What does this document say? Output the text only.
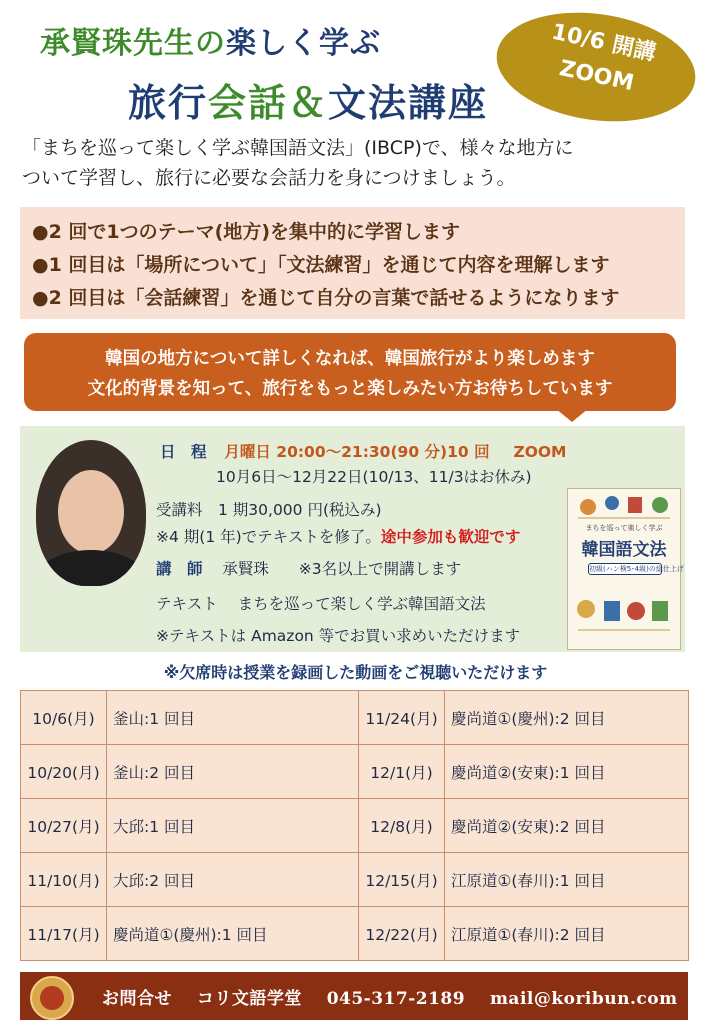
承賢珠先生の楽しく学ぶ
旅行会話＆文法講座
10/6 開講
ZOOM
「まちを巡って楽しく学ぶ韓国語文法」(IBCP)で、様々な地方に
ついて学習し、旅行に必要な会話力を身につけましょう。
●2 回で1つのテーマ(地方)を集中的に学習します
●1 回目は「場所について」「文法練習」を通じて内容を理解します
●2 回目は「会話練習」を通じて自分の言葉で話せるようになります
韓国の地方について詳しくなれば、韓国旅行がより楽しめます
文化的背景を知って、旅行をもっと楽しみたい方お待ちしています
日　程 月曜日 20:00～21:30(90 分)10 回 ZOOM
10月6日～12月22日(10/13、11/3はお休み)
受講料　1 期30,000 円(税込み)
※4 期(1 年)でテキストを修了。途中参加も歓迎です
講　師 承賢珠 ※3名以上で開講します
テキスト まちを巡って楽しく学ぶ韓国語文法
※テキストは Amazon 等でお買い求めいただけます
まちを巡って楽しく学ぶ
韓国語文法
初級(ハン検5･4級)の総仕上げ
※欠席時は授業を録画した動画をご視聴いただけます
10/6(月)	釜山:1 回目	11/24(月)	慶尚道①(慶州):2 回目
10/20(月)	釜山:2 回目	12/1(月)	慶尚道②(安東):1 回目
10/27(月)	大邱:1 回目	12/8(月)	慶尚道②(安東):2 回目
11/10(月)	大邱:2 回目	12/15(月)	江原道①(春川):1 回目
11/17(月)	慶尚道①(慶州):1 回目	12/22(月)	江原道①(春川):2 回目
お問合せ コリ文語学堂 045-317-2189 mail@koribun.com
